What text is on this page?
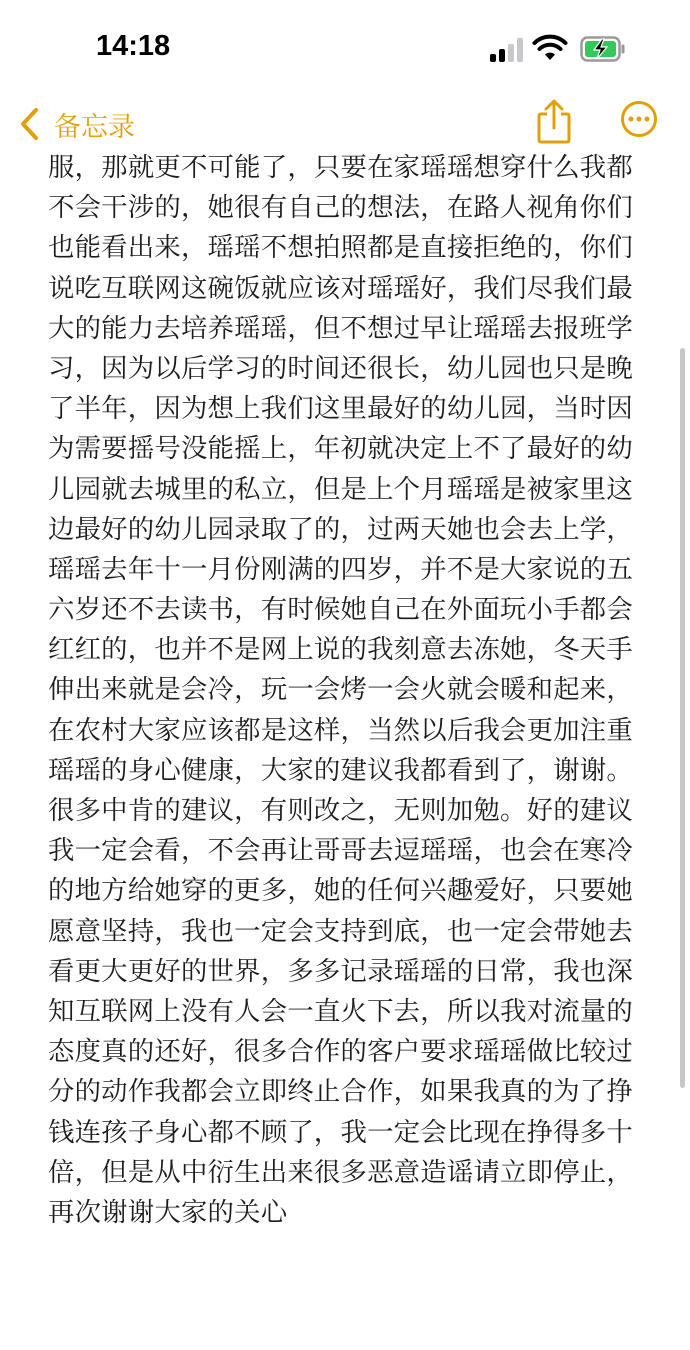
14:18
备忘录
服，那就更不可能了，只要在家瑶瑶想穿什么我都
不会干涉的，她很有自己的想法，在路人视角你们
也能看出来，瑶瑶不想拍照都是直接拒绝的，你们
说吃互联网这碗饭就应该对瑶瑶好，我们尽我们最
大的能力去培养瑶瑶，但不想过早让瑶瑶去报班学
习，因为以后学习的时间还很长，幼儿园也只是晚
了半年，因为想上我们这里最好的幼儿园，当时因
为需要摇号没能摇上，年初就决定上不了最好的幼
儿园就去城里的私立，但是上个月瑶瑶是被家里这
边最好的幼儿园录取了的，过两天她也会去上学，
瑶瑶去年十一月份刚满的四岁，并不是大家说的五
六岁还不去读书，有时候她自己在外面玩小手都会
红红的，也并不是网上说的我刻意去冻她，冬天手
伸出来就是会冷，玩一会烤一会火就会暖和起来，
在农村大家应该都是这样，当然以后我会更加注重
瑶瑶的身心健康，大家的建议我都看到了，谢谢。
很多中肯的建议，有则改之，无则加勉。好的建议
我一定会看，不会再让哥哥去逗瑶瑶，也会在寒冷
的地方给她穿的更多，她的任何兴趣爱好，只要她
愿意坚持，我也一定会支持到底，也一定会带她去
看更大更好的世界，多多记录瑶瑶的日常，我也深
知互联网上没有人会一直火下去，所以我对流量的
态度真的还好，很多合作的客户要求瑶瑶做比较过
分的动作我都会立即终止合作，如果我真的为了挣
钱连孩子身心都不顾了，我一定会比现在挣得多十
倍，但是从中衍生出来很多恶意造谣请立即停止，
再次谢谢大家的关心
